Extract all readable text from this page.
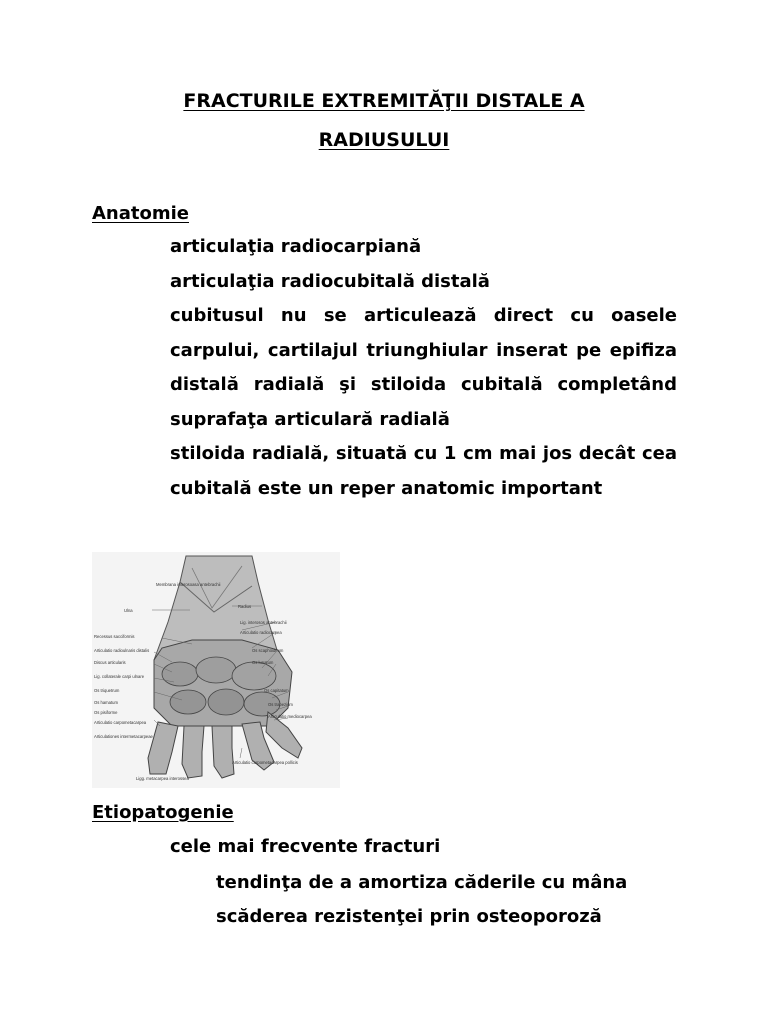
FRACTURILE EXTREMITĂŢII DISTALE A
RADIUSULUI
Anatomie

articulaţia radiocarpiană

articulaţia radiocubitală distală

cubitusul nu se articulează direct cu oasele carpului, cartilajul triunghiular inserat pe epifiza distală radială şi stiloida cubitală completând suprafaţa articulară radială

stiloida radială, situată cu 1 cm mai jos decât cea cubitală este un reper anatomic important

Membrana interosoasa antebrachii
Ulna
Radius
Lig. interosos antebrachii
Articulatio radiocarpea
Recessus sacciformis
Articulatio radioulnaris distalis
Discus articularis
Lig. collaterale carpi ulnare
Os triquetrum
Os hamatum
Os pisiforme
Articulatio carpometacarpea
Articulationes intermetacarpeae
Os scaphoideum
Os lunatum
Os capitatum
Os trapezium
Articulatio mediocarpea
Articulatio carpometacarpea pollicis
Ligg. metacarpea interossea
Etiopatogenie

cele mai frecvente fracturi

tendinţa de a amortiza căderile cu mâna

scăderea rezistenţei prin osteoporoză
